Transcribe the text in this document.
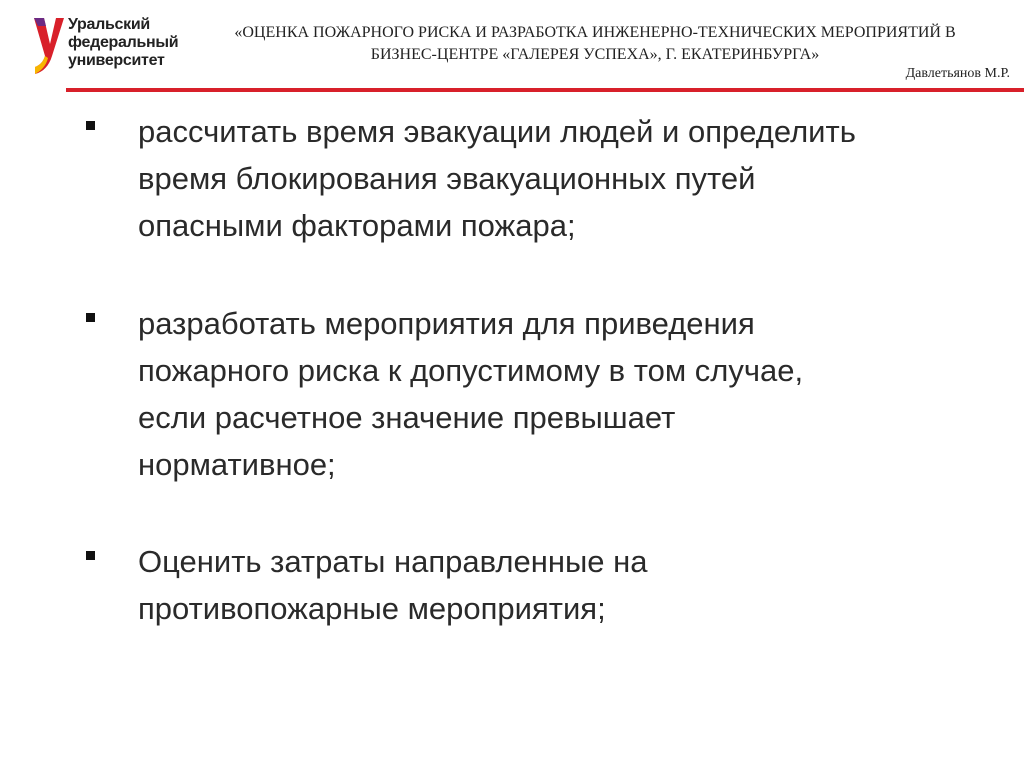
Уральский
федеральный
университет
«ОЦЕНКА ПОЖАРНОГО РИСКА И РАЗРАБОТКА ИНЖЕНЕРНО-ТЕХНИЧЕСКИХ МЕРОПРИЯТИЙ В
БИЗНЕС-ЦЕНТРЕ «ГАЛЕРЕЯ УСПЕХА», Г. ЕКАТЕРИНБУРГА»
Давлетьянов М.Р.
рассчитать время эвакуации людей и определить
время блокирования эвакуационных путей
опасными факторами пожара;
разработать мероприятия для приведения
пожарного риска к допустимому в том случае,
если расчетное значение превышает
нормативное;
Оценить затраты направленные на
противопожарные мероприятия;
